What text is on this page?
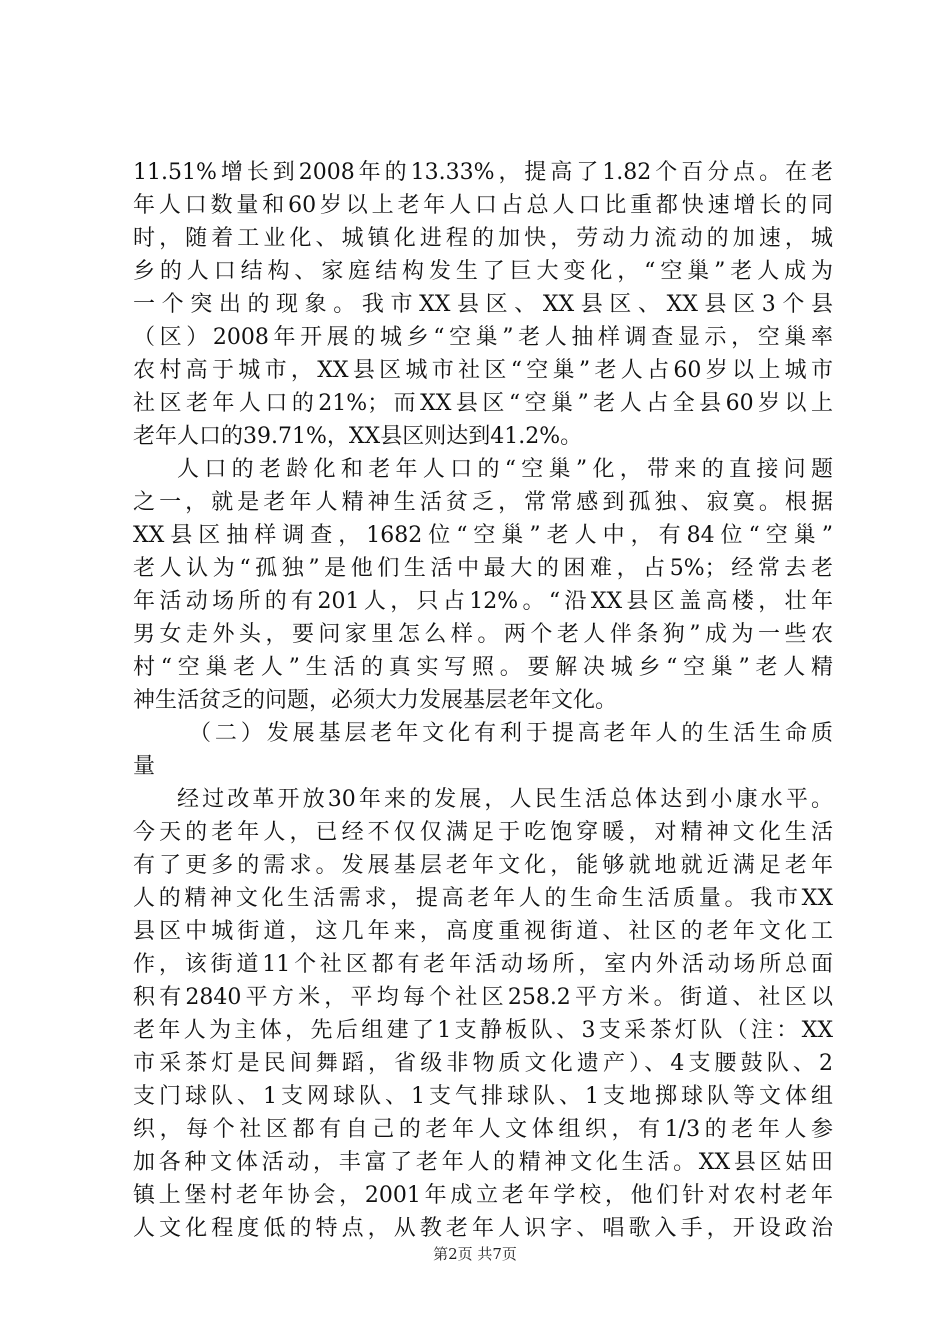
11.51%增长到2008年的13.33%，提高了1.82个百分点。在老
年人口数量和60岁以上老年人口占总人口比重都快速增长的同
时，随着工业化、城镇化进程的加快，劳动力流动的加速，城
乡的人口结构、家庭结构发生了巨大变化，“空巢”老人成为
一个突出的现象。我市XX县区、XX县区、XX县区3个县
（区）2008年开展的城乡“空巢”老人抽样调查显示，空巢率
农村高于城市，XX县区城市社区“空巢”老人占60岁以上城市
社区老年人口的21%；而XX县区“空巢”老人占全县60岁以上
老年人口的39.71%，XX县区则达到41.2%。
人口的老龄化和老年人口的“空巢”化，带来的直接问题
之一，就是老年人精神生活贫乏，常常感到孤独、寂寞。根据
XX县区抽样调查，1682位“空巢”老人中，有84位“空巢”
老人认为“孤独”是他们生活中最大的困难，占5%；经常去老
年活动场所的有201人，只占12%。“沿XX县区盖高楼，壮年
男女走外头，要问家里怎么样。两个老人伴条狗”成为一些农
村“空巢老人”生活的真实写照。要解决城乡“空巢”老人精
神生活贫乏的问题，必须大力发展基层老年文化。
（二）发展基层老年文化有利于提高老年人的生活生命质
量
经过改革开放30年来的发展，人民生活总体达到小康水平。
今天的老年人，已经不仅仅满足于吃饱穿暖，对精神文化生活
有了更多的需求。发展基层老年文化，能够就地就近满足老年
人的精神文化生活需求，提高老年人的生命生活质量。我市XX
县区中城街道，这几年来，高度重视街道、社区的老年文化工
作，该街道11个社区都有老年活动场所，室内外活动场所总面
积有2840平方米，平均每个社区258.2平方米。街道、社区以
老年人为主体，先后组建了1支静板队、3支采茶灯队（注：XX
市采茶灯是民间舞蹈，省级非物质文化遗产）、4支腰鼓队、2
支门球队、1支网球队、1支气排球队、1支地掷球队等文体组
织，每个社区都有自己的老年人文体组织，有1/3的老年人参
加各种文体活动，丰富了老年人的精神文化生活。XX县区姑田
镇上堡村老年协会，2001年成立老年学校，他们针对农村老年
人文化程度低的特点，从教老年人识字、唱歌入手，开设政治
第2页 共7页
